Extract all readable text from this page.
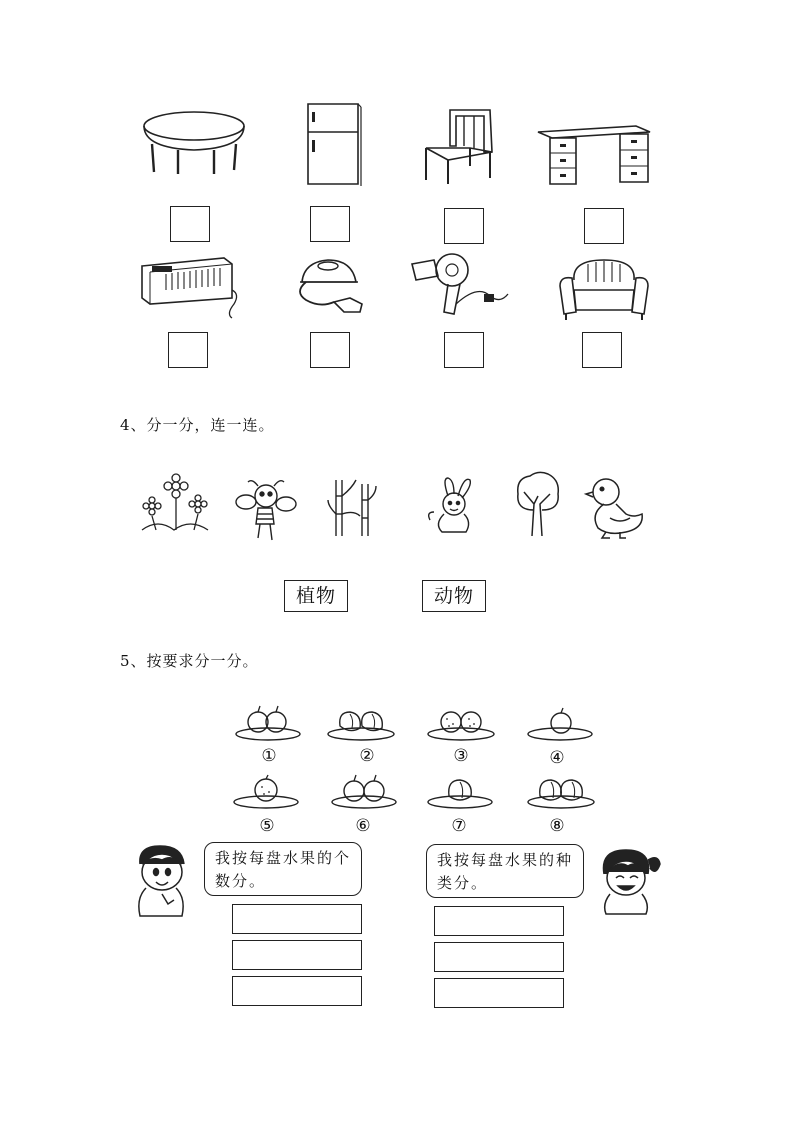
4、分一分，连一连。
植物	动物
5、按要求分一分。
①	②	③	④
⑤	⑥	⑦	⑧
我按每盘水果的个数分。
我按每盘水果的种类分。
